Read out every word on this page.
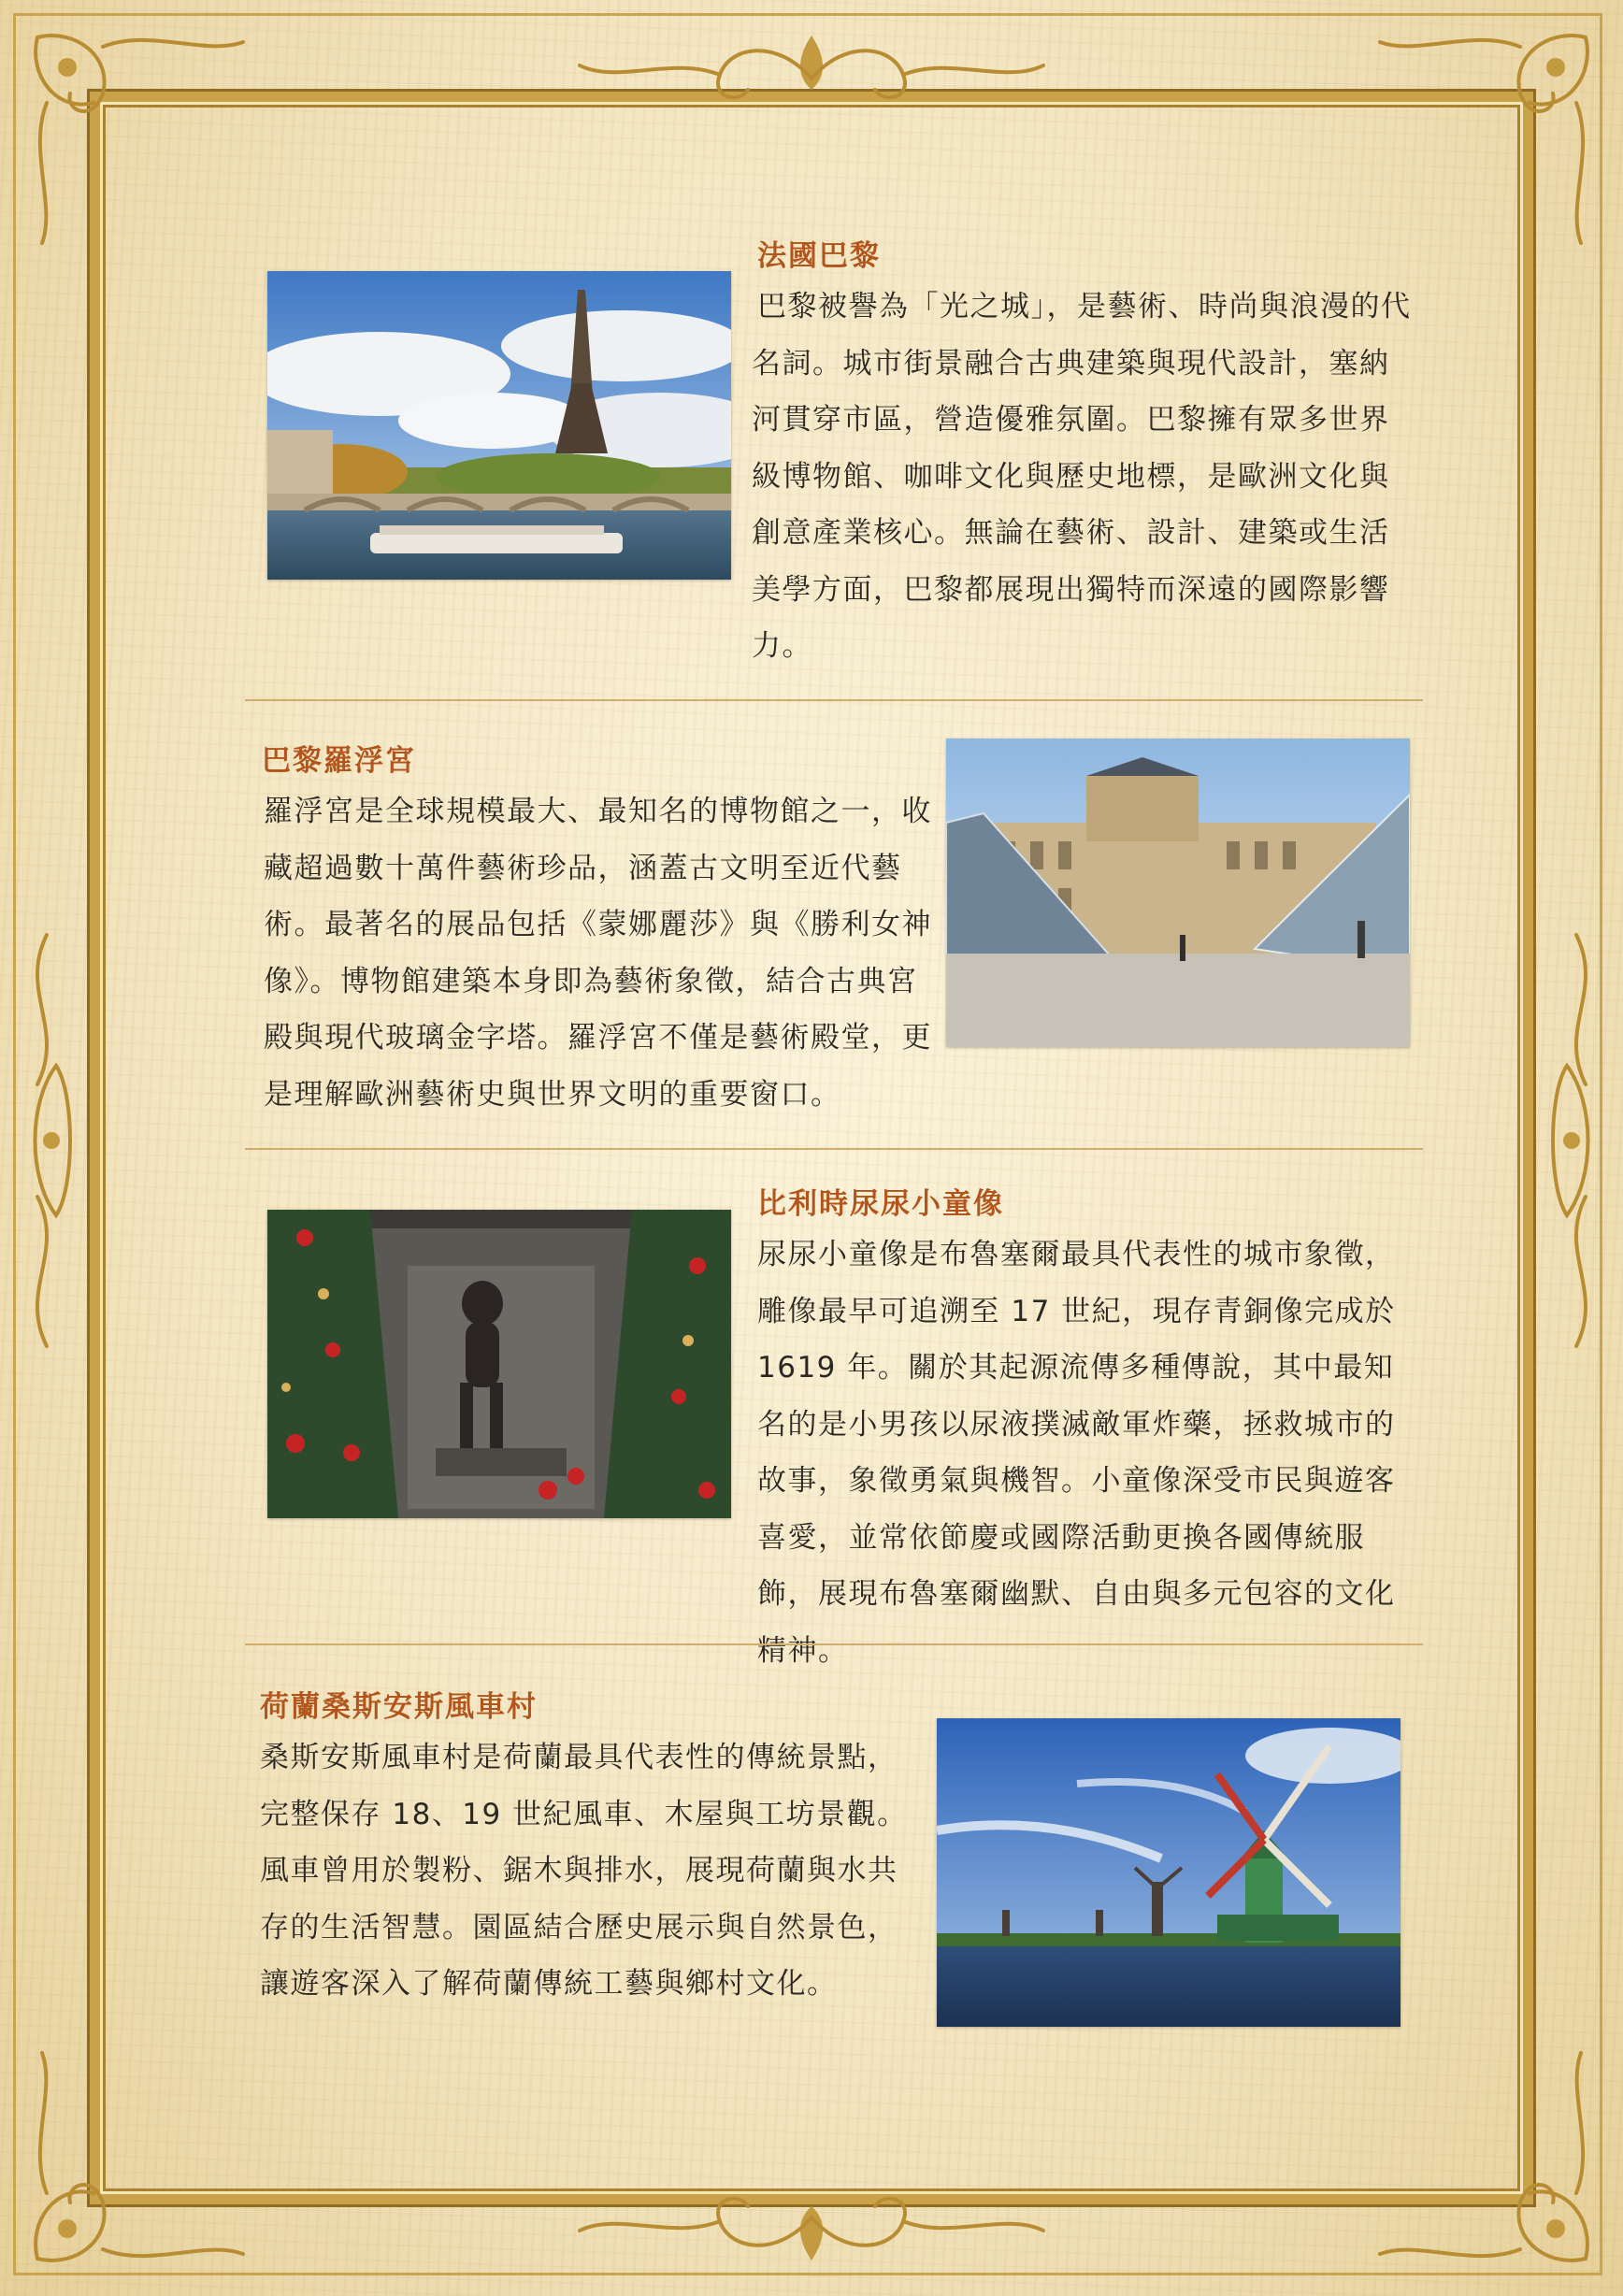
法國巴黎

巴黎被譽為「光之城」，是藝術、時尚與浪漫的代名詞。城市街景融合古典建築與現代設計，塞納河貫穿市區，營造優雅氛圍。巴黎擁有眾多世界級博物館、咖啡文化與歷史地標，是歐洲文化與創意產業核心。無論在藝術、設計、建築或生活美學方面，巴黎都展現出獨特而深遠的國際影響力。

巴黎羅浮宮

羅浮宮是全球規模最大、最知名的博物館之一，收藏超過數十萬件藝術珍品，涵蓋古文明至近代藝術。最著名的展品包括《蒙娜麗莎》與《勝利女神像》。博物館建築本身即為藝術象徵，結合古典宮殿與現代玻璃金字塔。羅浮宮不僅是藝術殿堂，更是理解歐洲藝術史與世界文明的重要窗口。

比利時尿尿小童像

尿尿小童像是布魯塞爾最具代表性的城市象徵，雕像最早可追溯至 17 世紀，現存青銅像完成於 1619 年。關於其起源流傳多種傳說，其中最知名的是小男孩以尿液撲滅敵軍炸藥，拯救城市的故事，象徵勇氣與機智。小童像深受市民與遊客喜愛，並常依節慶或國際活動更換各國傳統服飾，展現布魯塞爾幽默、自由與多元包容的文化精神。

荷蘭桑斯安斯風車村

桑斯安斯風車村是荷蘭最具代表性的傳統景點，完整保存 18、19 世紀風車、木屋與工坊景觀。風車曾用於製粉、鋸木與排水，展現荷蘭與水共存的生活智慧。園區結合歷史展示與自然景色，讓遊客深入了解荷蘭傳統工藝與鄉村文化。
